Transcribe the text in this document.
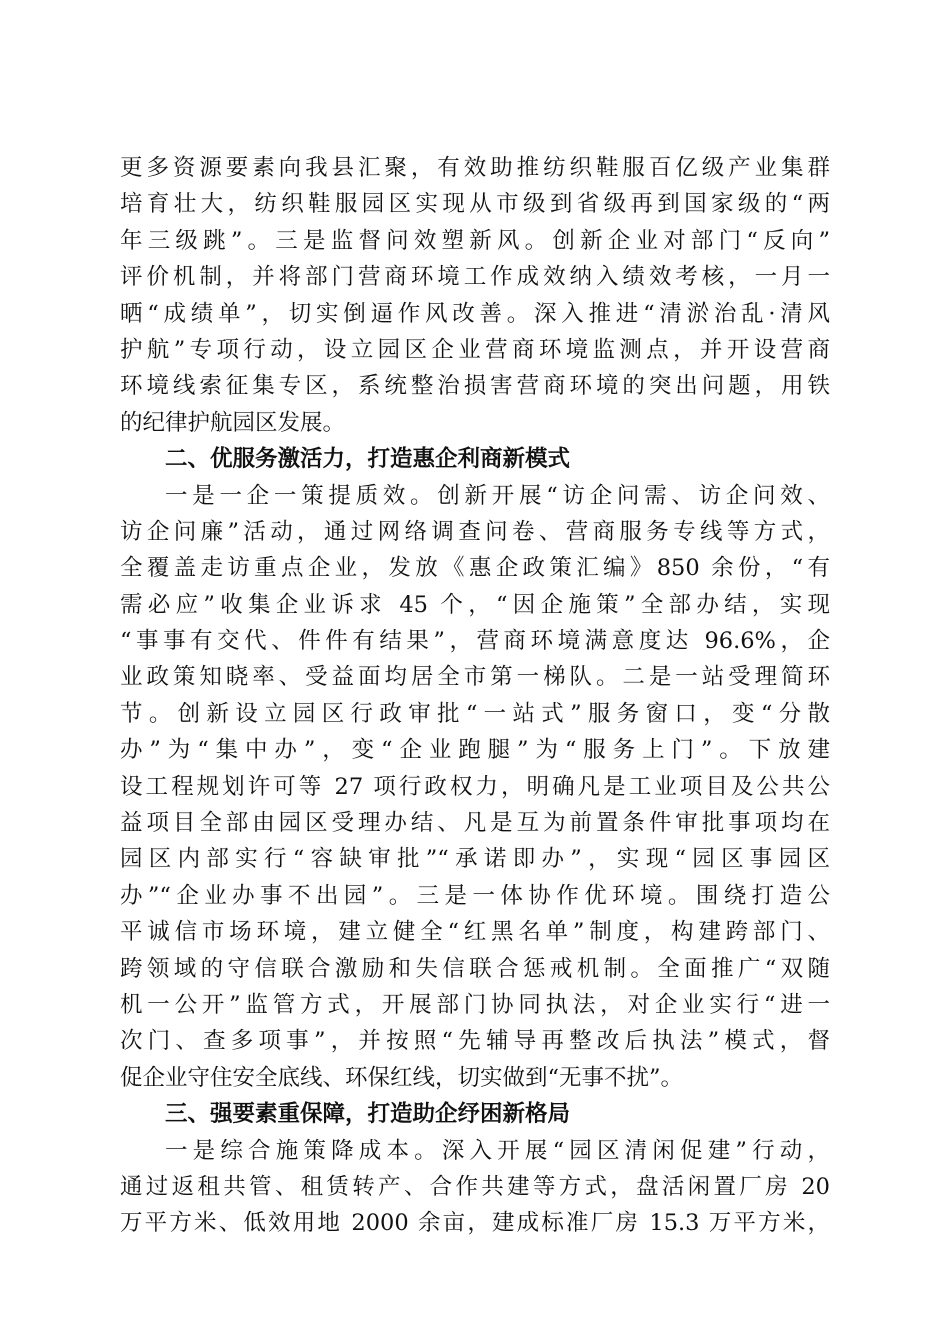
更多资源要素向我县汇聚，有效助推纺织鞋服百亿级产业集群
培育壮大，纺织鞋服园区实现从市级到省级再到国家级的“两
年三级跳”。三是监督问效塑新风。创新企业对部门“反向”
评价机制，并将部门营商环境工作成效纳入绩效考核，一月一
晒“成绩单”，切实倒逼作风改善。深入推进“清淤治乱·清风
护航”专项行动，设立园区企业营商环境监测点，并开设营商
环境线索征集专区，系统整治损害营商环境的突出问题，用铁
的纪律护航园区发展。
二、优服务激活力，打造惠企利商新模式
一是一企一策提质效。创新开展“访企问需、访企问效、
访企问廉”活动，通过网络调查问卷、营商服务专线等方式，
全覆盖走访重点企业，发放《惠企政策汇编》850 余份，“有
需必应”收集企业诉求 45 个，“因企施策”全部办结，实现
“事事有交代、件件有结果”，营商环境满意度达 96.6%，企
业政策知晓率、受益面均居全市第一梯队。二是一站受理简环
节。创新设立园区行政审批“一站式”服务窗口，变“分散
办”为“集中办”，变“企业跑腿”为“服务上门”。下放建
设工程规划许可等 27 项行政权力，明确凡是工业项目及公共公
益项目全部由园区受理办结、凡是互为前置条件审批事项均在
园区内部实行“容缺审批”“承诺即办”，实现“园区事园区
办”“企业办事不出园”。三是一体协作优环境。围绕打造公
平诚信市场环境，建立健全“红黑名单”制度，构建跨部门、
跨领域的守信联合激励和失信联合惩戒机制。全面推广“双随
机一公开”监管方式，开展部门协同执法，对企业实行“进一
次门、查多项事”，并按照“先辅导再整改后执法”模式，督
促企业守住安全底线、环保红线，切实做到“无事不扰”。
三、强要素重保障，打造助企纾困新格局
一是综合施策降成本。深入开展“园区清闲促建”行动，
通过返租共管、租赁转产、合作共建等方式，盘活闲置厂房 20
万平方米、低效用地 2000 余亩，建成标准厂房 15.3 万平方米，
